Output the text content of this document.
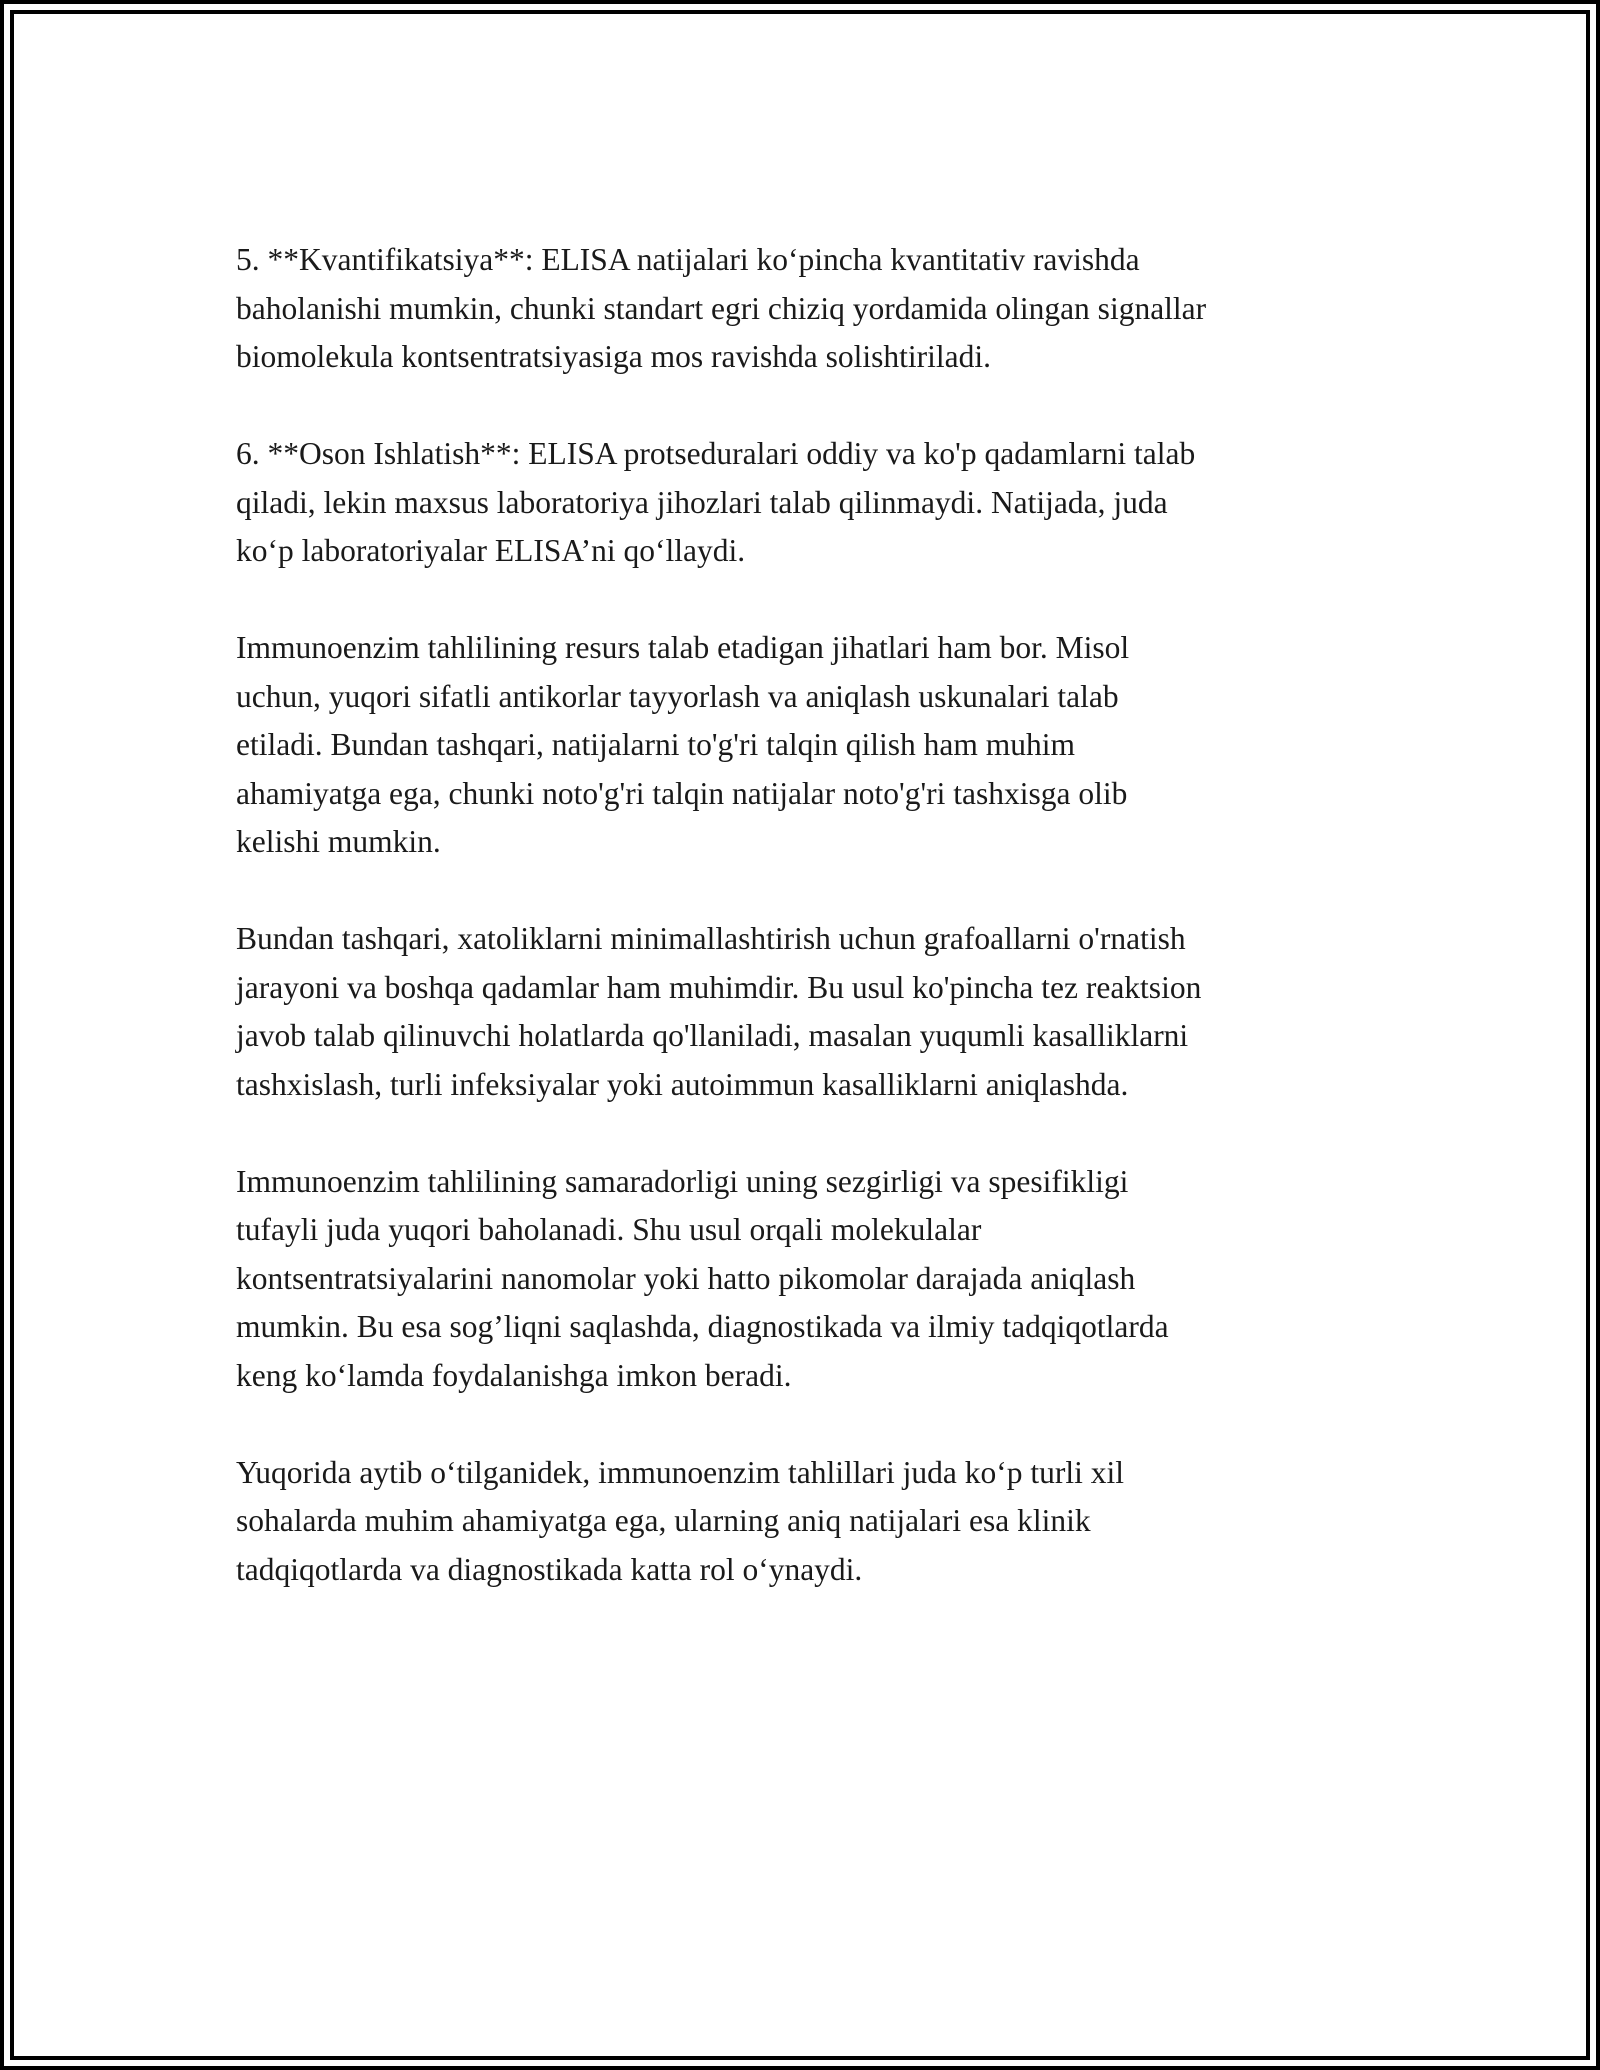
5. **Kvantifikatsiya**: ELISA natijalari ko‘pincha kvantitativ ravishda
baholanishi mumkin, chunki standart egri chiziq yordamida olingan signallar
biomolekula kontsentratsiyasiga mos ravishda solishtiriladi.

6. **Oson Ishlatish**: ELISA protseduralari oddiy va ko'p qadamlarni talab
qiladi, lekin maxsus laboratoriya jihozlari talab qilinmaydi. Natijada, juda
ko‘p laboratoriyalar ELISA’ni qo‘llaydi.

Immunoenzim tahlilining resurs talab etadigan jihatlari ham bor. Misol
uchun, yuqori sifatli antikorlar tayyorlash va aniqlash uskunalari talab
etiladi. Bundan tashqari, natijalarni to'g'ri talqin qilish ham muhim
ahamiyatga ega, chunki noto'g'ri talqin natijalar noto'g'ri tashxisga olib
kelishi mumkin.

Bundan tashqari, xatoliklarni minimallashtirish uchun grafoallarni o'rnatish
jarayoni va boshqa qadamlar ham muhimdir. Bu usul ko'pincha tez reaktsion
javob talab qilinuvchi holatlarda qo'llaniladi, masalan yuqumli kasalliklarni
tashxislash, turli infeksiyalar yoki autoimmun kasalliklarni aniqlashda.

Immunoenzim tahlilining samaradorligi uning sezgirligi va spesifikligi
tufayli juda yuqori baholanadi. Shu usul orqali molekulalar
kontsentratsiyalarini nanomolar yoki hatto pikomolar darajada aniqlash
mumkin. Bu esa sog’liqni saqlashda, diagnostikada va ilmiy tadqiqotlarda
keng ko‘lamda foydalanishga imkon beradi.

Yuqorida aytib o‘tilganidek, immunoenzim tahlillari juda ko‘p turli xil
sohalarda muhim ahamiyatga ega, ularning aniq natijalari esa klinik
tadqiqotlarda va diagnostikada katta rol o‘ynaydi.
